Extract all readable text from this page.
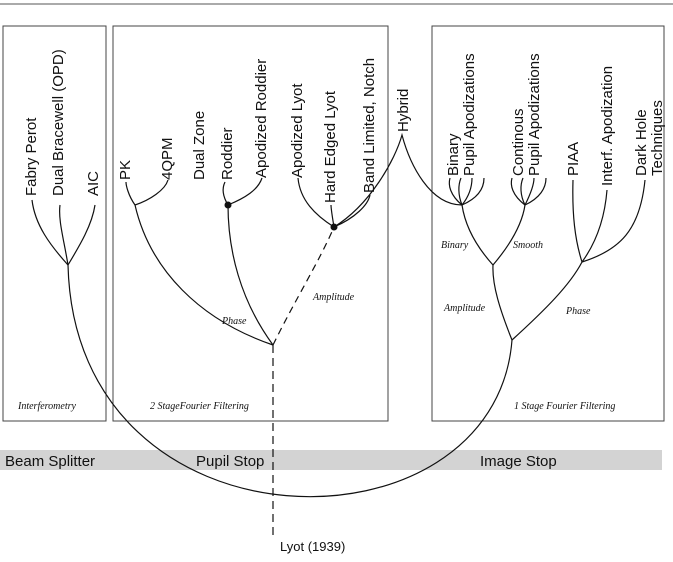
Interferometry	2 StageFourier Filtering	1 Stage Fourier Filtering
Beam Splitter	Pupil Stop	Image Stop
Lyot (1939)
Phase
Amplitude
Binary	Smooth
Amplitude	Phase
Fabry Perot Dual Bracewell (OPD) AIC
PK 4QPM Dual Zone Roddier Apodized Roddier Apodized Lyot Hard Edged Lyot Band Limited, Notch Hybrid
Binary Pupil Apodizations Continous Pupil Apodizations PIAA Interf. Apodization Dark Hole Techniques
